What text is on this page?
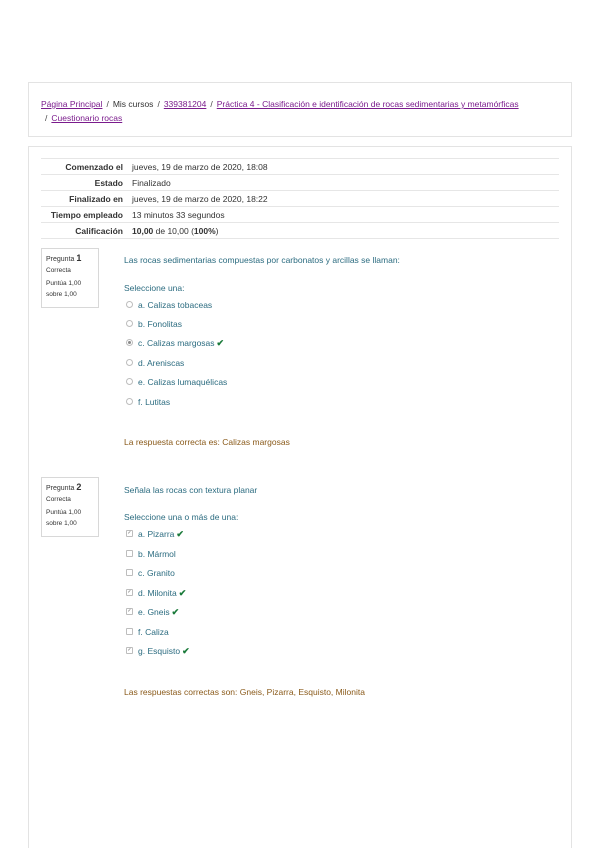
Página Principal / Mis cursos / 339381204 / Práctica 4 - Clasificación e identificación de rocas sedimentarias y metamórficas
/ Cuestionario rocas
Comenzado el	jueves, 19 de marzo de 2020, 18:08
Estado	Finalizado
Finalizado en	jueves, 19 de marzo de 2020, 18:22
Tiempo empleado	13 minutos 33 segundos
Calificación	10,00 de 10,00 (100%)
Pregunta 1
Correcta
Puntúa 1,00
sobre 1,00
Las rocas sedimentarias compuestas por carbonatos y arcillas se llaman:
Seleccione una:
a. Calizas tobaceas
b. Fonolitas
c. Calizas margosas ✔
d. Areniscas
e. Calizas lumaquélicas
f. Lutitas
La respuesta correcta es: Calizas margosas
Pregunta 2
Correcta
Puntúa 1,00
sobre 1,00
Señala las rocas con textura planar
Seleccione una o más de una:
✓ a. Pizarra ✔
b. Mármol
c. Granito
✓ d. Milonita ✔
✓ e. Gneis ✔
f. Caliza
✓ g. Esquisto ✔
Las respuestas correctas son: Gneis, Pizarra, Esquisto, Milonita
